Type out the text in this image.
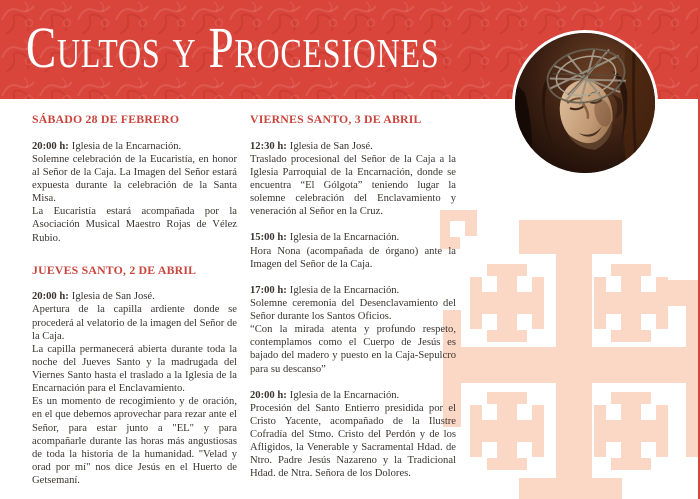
Cultos y Procesiones
SÁBADO 28 DE FEBRERO

20:00 h: Iglesia de la Encarnación.

Solemne celebración de la Eucaristía, en honor al Señor de la Caja. La Imagen del Señor estará expuesta durante la celebración de la Santa Misa.

La Eucaristía estará acompañada por la Asociación Musical Maestro Rojas de Vélez Rubio.

JUEVES SANTO, 2 DE ABRIL

20:00 h: Iglesia de San José.

Apertura de la capilla ardiente donde se procederá al velatorio de la imagen del Señor de la Caja.

La capilla permanecerá abierta durante toda la noche del Jueves Santo y la madrugada del Viernes Santo hasta el traslado a la Iglesia de la Encarnación para el Enclavamiento.

Es un momento de recogimiento y de oración, en el que debemos aprovechar para rezar ante el Señor, para estar junto a "EL" y para acompañarle durante las horas más angustiosas de toda la historia de la humanidad. "Velad y orad por mí" nos dice Jesús en el Huerto de Getsemaní.

VIERNES SANTO, 3 DE ABRIL

12:30 h: Iglesia de San José.

Traslado procesional del Señor de la Caja a la Iglesia Parroquial de la Encarnación, donde se encuentra “El Gólgota” teniendo lugar la solemne celebración del Enclavamiento y veneración al Señor en la Cruz.

15:00 h: Iglesia de la Encarnación.

Hora Nona (acompañada de órgano) ante la Imagen del Señor de la Caja.

17:00 h: Iglesia de la Encarnación.

Solemne ceremonia del Desenclavamiento del Señor durante los Santos Oficios.

“Con la mirada atenta y profundo respeto, contemplamos como el Cuerpo de Jesús es bajado del madero y puesto en la Caja-Sepulcro para su descanso”

20:00 h: Iglesia de la Encarnación.

Procesión del Santo Entierro presidida por el Cristo Yacente, acompañado de la Ilustre Cofradía del Stmo. Cristo del Perdón y de los Afligidos, la Venerable y Sacramental Hdad. de Ntro. Padre Jesús Nazareno y la Tradicional Hdad. de Ntra. Señora de los Dolores.
